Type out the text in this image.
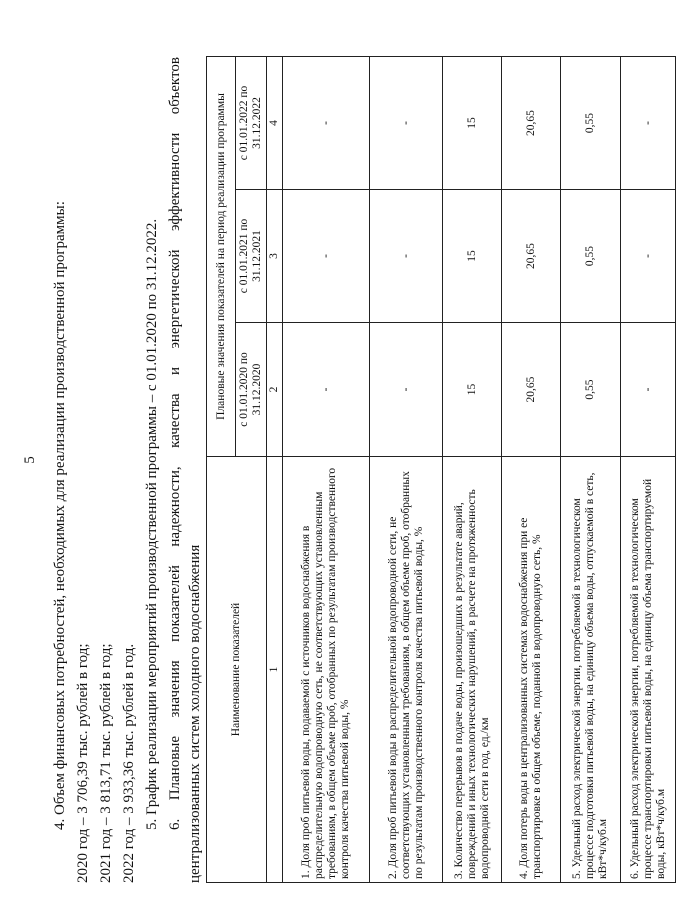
5 4. Объем финансовых потребностей, необходимых для реализации производственной программы: 2020 год – 3 706,39 тыс. рублей в год; 2021 год – 3 813,71 тыс. рублей в год; 2022 год – 3 933,36 тыс. рублей в год. 5. График реализации мероприятий производственной программы – с 01.01.2020 по 31.12.2022. 6.
Плановые
значения
показателей
надежности,
качества
и
энергетической
эффективности
объектов
централизованных систем холодного водоснабжения Наименование показателей	Плановые значения показателей на период реализации программы		
	с 01.01.2020 по 31.12.2020	с 01.01.2021 по 31.12.2021	с 01.01.2022 по 31.12.2022
1	2	3	4
1. Доля проб питьевой воды, подаваемой с источников водоснабжения в распределительную водопроводную сеть, не соответствующих установленным требованиям, в общем объеме проб, отобранных по результатам производственного контроля качества питьевой воды, %	-	-	-
2. Доля проб питьевой воды в распределительной водопроводной сети, не соответствующих установленным требованиям, в общем объеме проб, отобранных по результатам производственного контроля качества питьевой воды, %	-	-	-
3. Количество перерывов в подаче воды, произошедших в результате аварий, повреждений и иных технологических нарушений, в расчете на протяженность водопроводной сети в год, ед./км	15	15	15
4. Доля потерь воды в централизованных системах водоснабжения при ее транспортировке в общем объеме, поданной в водопроводную сеть, %	20,65	20,65	20,65
5. Удельный расход электрической энергии, потребляемой в технологическом процессе подготовки питьевой воды, на единицу объема воды, отпускаемой в сеть, кВт*ч/куб.м	0,55	0,55	0,55
6. Удельный расход электрической энергии, потребляемой в технологическом процессе транспортировки питьевой воды, на единицу объема транспортируемой воды, кВт*ч/куб.м	-	-	-
